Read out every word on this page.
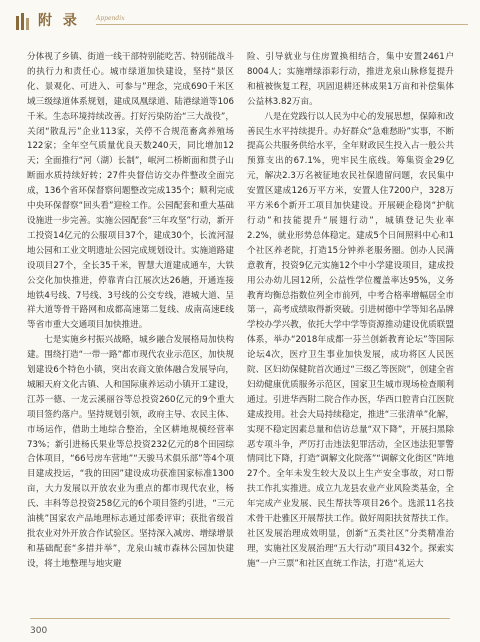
附 录	Appendix

分体视了乡镇、街道一线干部特别能吃苦、特别能战斗的执行力和责任心。城市绿道加快建设，坚持“景区化、景观化、可进入、可参与”理念，完成690千米区域三级绿道体系规划，建成凤凰绿道、陆港绿道等106千米。生态环境持续改善。打好污染防治“三大战役”，关闭“散乱污”企业113家，关停不合规范畜禽养殖场122家；全年空气质量优良天数240天，同比增加12天；全面推行“河（湖）长制”，岷河二桥断面和贯子山断面水质持续好转；27件央督信访交办件整改全面完成，136个省环保督察问题整改完成135个；顺利完成中央环保督察“回头看”迎检工作。公园配套和重大基础设施进一步完善。实施公园配套“三年攻坚”行动，新开工投资14亿元的公服项目37个，建成30个，长流河湿地公园和工业文明遗址公园完成规划设计。实施道路建设项目27个，全长35千米，智慧大道建成通车，大铁公交化加快推进，停靠青白江展次达26趟，开通连接地铁4号线、7号线、3号线的公交专线，港城大道、呈祥大道等骨干路网和成都高速第二复线、成南高速E线等省市重大交通项目加快推进。

七是实施乡村振兴战略，城乡融合发展格局加快构建。围绕打造“一带一路”都市现代农业示范区，加快规划建设6个特色小镇，突出农商文旅体融合发展导向，城厢天府文化古镇、人和国际康养运动小镇开工建设，江苏一德、一龙云溪丽谷等总投资260亿元的9个重大项目签约落户。坚持规划引领，政府主导、农民主体、市场运作，借助土地综合整治，全区耕地规模经营率73%；新引进杨氏果业等总投资232亿元的8个田园综合体项目，“66号房车营地”“天骏马术俱乐部”等4个项目建成投运，“我的田园”建设成功获准国家标准1300亩，大力发展以开放农业为重点的都市现代农业，杨氏、丰科等总投资258亿元的6个项目签约引进，“三元油桃”国家农产品地理标志通过部委评审；获批省级首批农业对外开放合作试验区。坚持深入减房、增绿增景和基础配套“多措并举”，龙泉山城市森林公园加快建设，将土地整理与地灾避

险、引导就业与住房置换相结合，集中安置2461户8004人；实施增绿添彩行动，推进龙泉山脉修复提升和植被恢复工程，巩固退耕还林成果1万亩和补偿集体公益林3.82万亩。

八是在党践行以人民为中心的发展思想，保障和改善民生水平持续提升。办好群众“急难愁盼”实事，不断提高公共服务供给水平，全年财政民生投入占一般公共预算支出的67.1%，兜牢民生底线。筹集资金29亿元，解决2.3万名被征地农民社保遗留问题，农民集中安置区建成126万平方米，安置人住7200户，328万平方米6个新开工项目加快建设。开展硬企稳岗“护航行动”和技能提升“展翅行动”，城镇登记失业率2.2%，就业形势总体稳定。建成5个日间照料中心和1个社区养老院，打造15分钟养老服务圈。创办人民满意教育，投资9亿元实施12个中小学建设项目，建成投用公办幼儿园12所，公益性学位覆盖率达95%，义务教育均衡总指数位列全市前列，中考合格率增幅居全市第一，高考成绩取得新突破。引进树德中学等知名品牌学校办学兴教，依托大学中学等资源推动建设优质联盟体系，举办“2018年成都一芬兰创新教育论坛”等国际论坛4次，医疗卫生事业加快发展，成功将区人民医院、区妇幼保健院首次通过“三级乙等医院”，创建全省妇幼健康优质服务示范区，国家卫生城市现场检查顺利通过。引进华西附二院合作办医，华西口腔青白江医院建成投用。社会大局持续稳定，推进“三张清单”化解，实现不稳定因素总量和信访总量“双下降”，开展扫黑除恶专项斗争，严厉打击违法犯罪活动，全区违法犯罪警情同比下降，打造“调解文化院落”“调解文化街区”阵地27个。全年未发生较大及以上生产安全事故，对口帮扶工作扎实推进。成立九龙县农业产业风险类基金，全年完成产业发展、民生帮扶等项目26个。选派11名技术骨干赴雅区开展帮扶工作。做好周阳扶贫帮扶工作。社区发展治理成效明显，创新“五类社区”分类精准治理，实施社区发展治理“五大行动”项目432个。探索实施“一户三票”和社区直统工作法，打造“礼运大

300
